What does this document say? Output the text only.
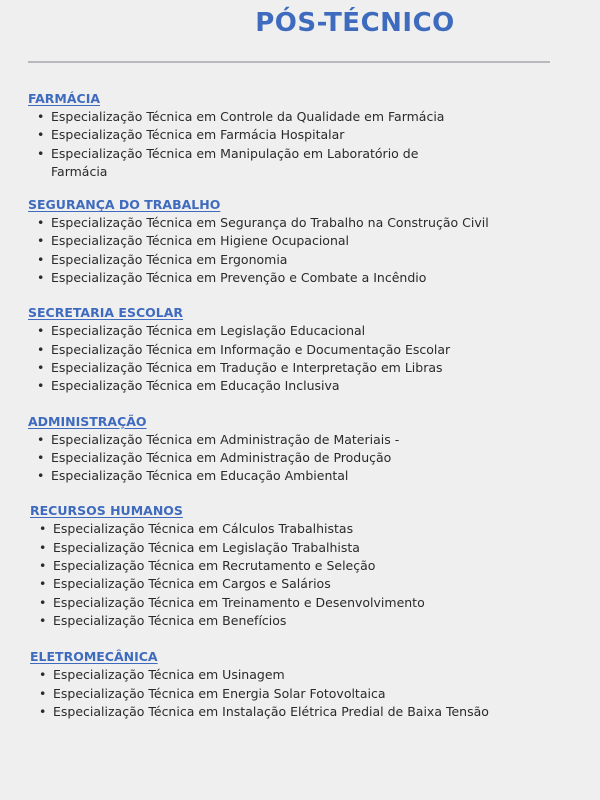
PÓS-TÉCNICO
FARMÁCIA
• Especialização Técnica em Controle da Qualidade em Farmácia
• Especialização Técnica em Farmácia Hospitalar
• Especialização Técnica em Manipulação em Laboratório de Farmácia
SEGURANÇA DO TRABALHO
• Especialização Técnica em Segurança do Trabalho na Construção Civil
• Especialização Técnica em Higiene Ocupacional
• Especialização Técnica em Ergonomia
• Especialização Técnica em Prevenção e Combate a Incêndio
SECRETARIA ESCOLAR
• Especialização Técnica em Legislação Educacional
• Especialização Técnica em Informação e Documentação Escolar
• Especialização Técnica em Tradução e Interpretação em Libras
• Especialização Técnica em Educação Inclusiva
ADMINISTRAÇÃO
• Especialização Técnica em Administração de Materiais -
• Especialização Técnica em Administração de Produção
• Especialização Técnica em Educação Ambiental
RECURSOS HUMANOS
• Especialização Técnica em Cálculos Trabalhistas
• Especialização Técnica em Legislação Trabalhista
• Especialização Técnica em Recrutamento e Seleção
• Especialização Técnica em Cargos e Salários
• Especialização Técnica em Treinamento e Desenvolvimento
• Especialização Técnica em Benefícios
ELETROMECÂNICA
• Especialização Técnica em Usinagem
• Especialização Técnica em Energia Solar Fotovoltaica
• Especialização Técnica em Instalação Elétrica Predial de Baixa Tensão
